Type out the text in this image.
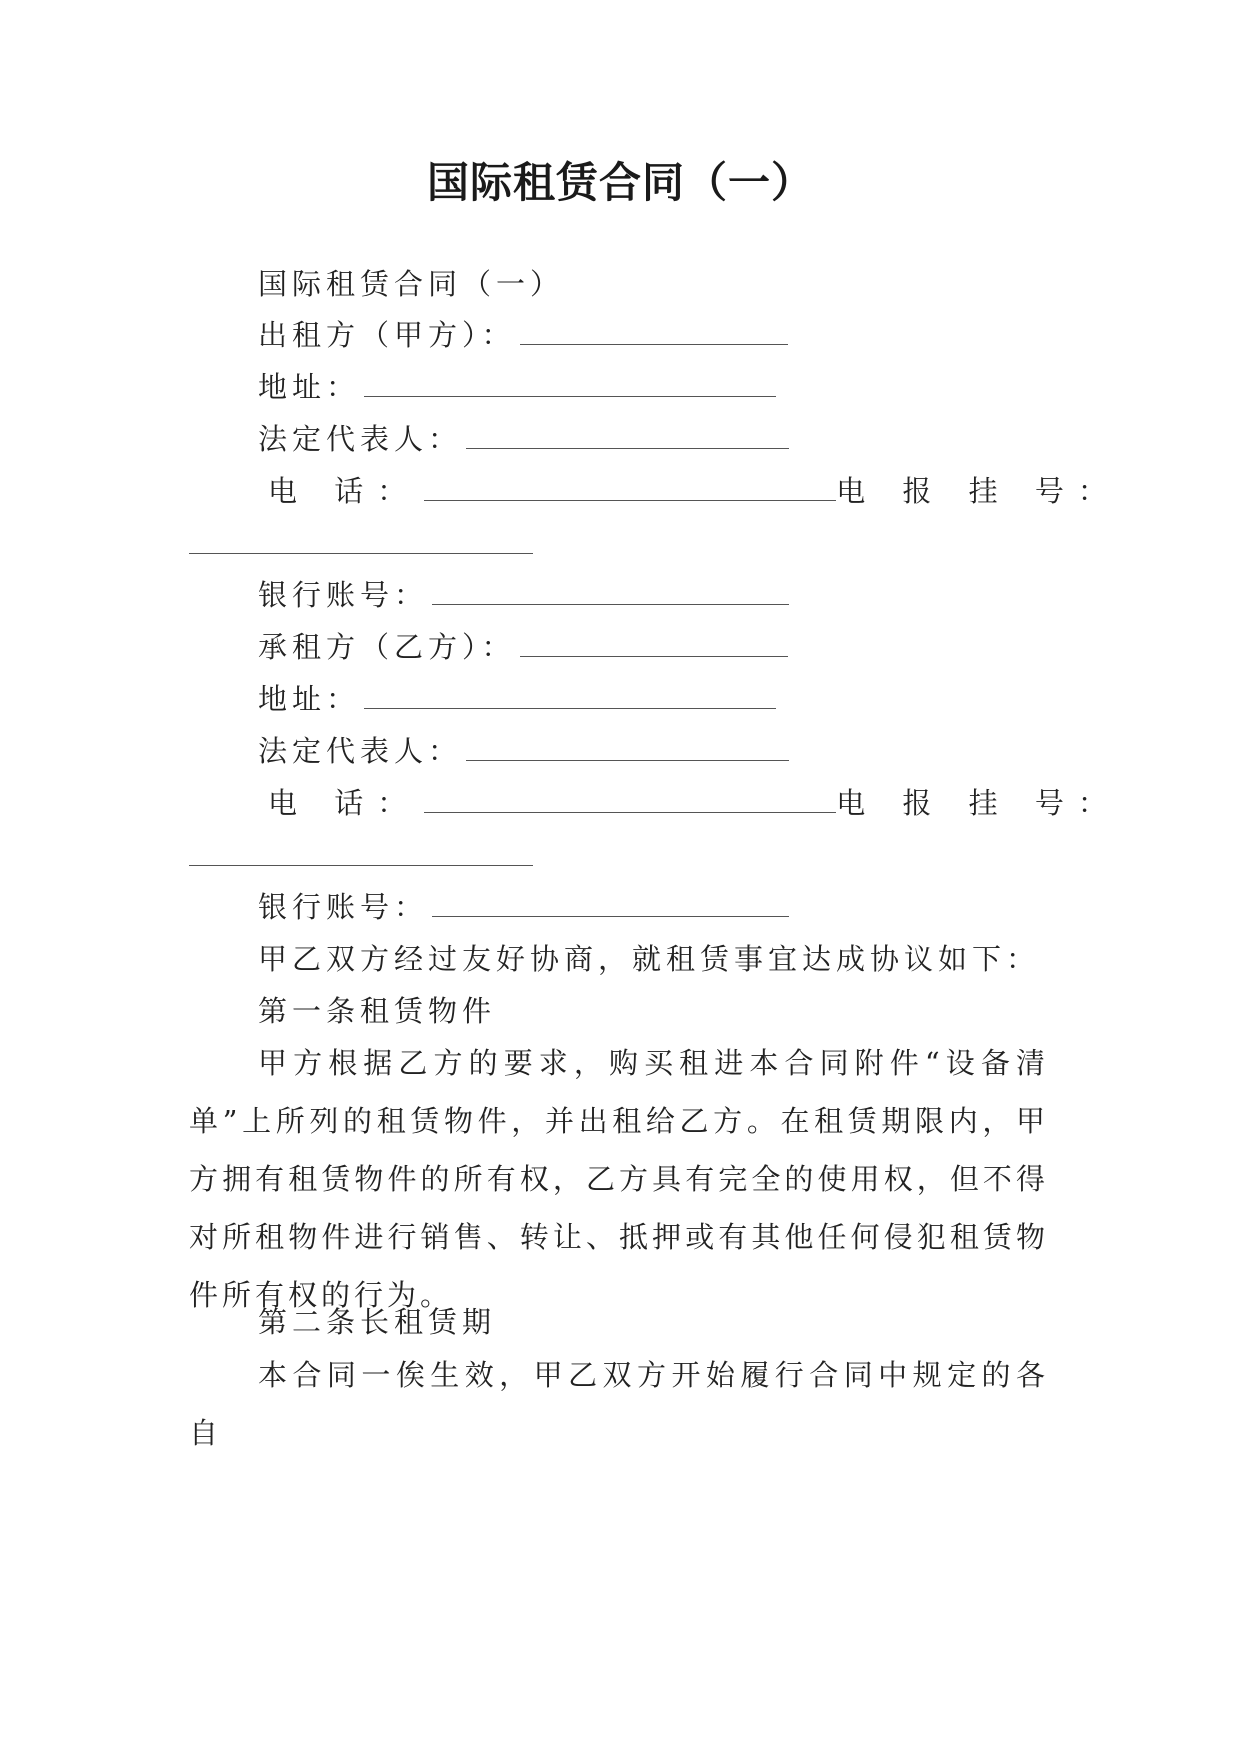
国际租赁合同（一）
国际租赁合同（一）
出租方（甲方）：
地址：
法定代表人：
电 话：	电 报 挂 号：
银行账号：
承租方（乙方）：
地址：
法定代表人：
电 话：	电 报 挂 号：
银行账号：
甲乙双方经过友好协商，就租赁事宜达成协议如下：
第一条租赁物件
甲方根据乙方的要求，购买租进本合同附件“设备清单”上所列的租赁物件，并出租给乙方。在租赁期限内，甲方拥有租赁物件的所有权，乙方具有完全的使用权，但不得对所租物件进行销售、转让、抵押或有其他任何侵犯租赁物件所有权的行为。
第二条长租赁期
本合同一俟生效，甲乙双方开始履行合同中规定的各自
